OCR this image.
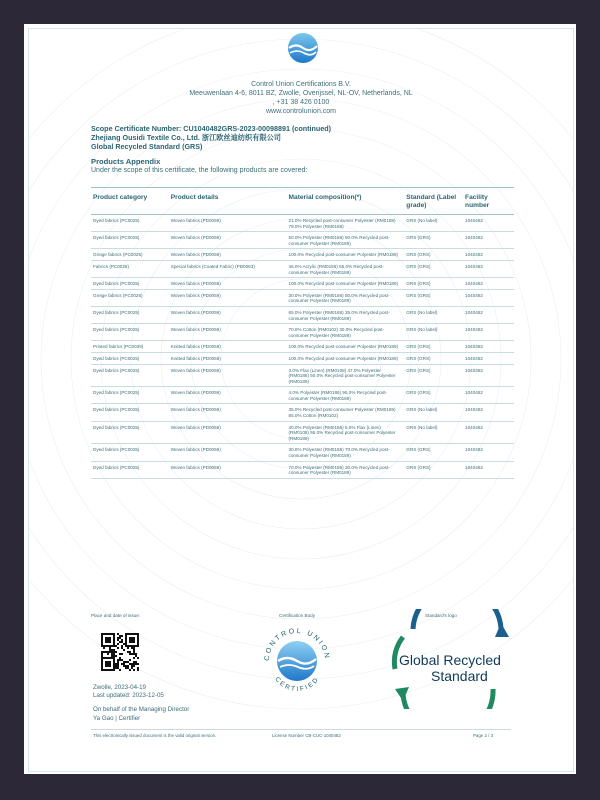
Control Union Certifications B.V.
Meeuwenlaan 4-6, 8011 BZ, Zwolle, Overijssel, NL-OV, Netherlands, NL
, +31 38 426 0100
www.controlunion.com
Scope Certificate Number: CU1040482GRS-2023-00098891 (continued)
Zhejiang Ousidi Textile Co., Ltd. 浙江欧丝迪纺织有限公司
Global Recycled Standard (GRS)
Products Appendix
Under the scope of this certificate, the following products are covered:
Product category	Product details	Material composition(*)	Standard (Label grade)	Facility number
Dyed fabrics (PC0025)	Woven fabrics (PD0059)	21.0% Recycled post-consumer Polyester (RM0189) 79.0% Polyester (RM0186)	GRS (No label)	1040482
Dyed fabrics (PC0025)	Woven fabrics (PD0059)	50.0% Polyester (RM0186) 50.0% Recycled post-consumer Polyester (RM0189)	GRS (GRS)	1040482
Greige fabrics (PC0026)	Woven fabrics (PD0059)	100.0% Recycled post-consumer Polyester (RM0189)	GRS (GRS)	1040482
Fabrics (PC0028)	Special fabrics (Coated Fabric) (PD0063)	45.0% Acrylic (RM0156) 55.0% Recycled post-consumer Polyester (RM0189)	GRS (GRS)	1040482
Dyed fabrics (PC0025)	Woven fabrics (PD0059)	100.0% Recycled post-consumer Polyester (RM0189)	GRS (GRS)	1040482
Greige fabrics (PC0026)	Woven fabrics (PD0059)	30.0% Polyester (RM0186) 50.0% Recycled post-consumer Polyester (RM0189)	GRS (GRS)	1040482
Dyed fabrics (PC0025)	Woven fabrics (PD0059)	65.0% Polyester (RM0186) 35.0% Recycled post-consumer Polyester (RM0189)	GRS (No label)	1040482
Dyed fabrics (PC0025)	Woven fabrics (PD0059)	70.0% Cotton (RM0102) 30.0% Recycled post-consumer Polyester (RM0189)	GRS (No label)	1040482
Printed fabrics (PC0039)	Knitted fabrics (PD0058)	100.0% Recycled post-consumer Polyester (RM0189)	GRS (GRS)	1040482
Dyed fabrics (PC0025)	Knitted fabrics (PD0058)	100.0% Recycled post-consumer Polyester (RM0189)	GRS (GRS)	1040482
Dyed fabrics (PC0025)	Woven fabrics (PD0059)	3.0% Flax (Linen) (RM0108) 47.0% Polyester (RM0186) 50.0% Recycled post-consumer Polyester (RM0189)	GRS (GRS)	1040482
Dyed fabrics (PC0025)	Woven fabrics (PD0059)	4.0% Polyester (RM0186) 96.0% Recycled post-consumer Polyester (RM0189)	GRS (GRS)	1040482
Dyed fabrics (PC0025)	Woven fabrics (PD0059)	35.0% Recycled post-consumer Polyester (RM0189) 65.0% Cotton (RM0102)	GRS (No label)	1040482
Dyed fabrics (PC0025)	Woven fabrics (PD0059)	40.0% Polyester (RM0186) 5.0% Flax (Linen) (RM0108) 55.0% Recycled post-consumer Polyester (RM0189)	GRS (No label)	1040482
Dyed fabrics (PC0025)	Woven fabrics (PD0059)	30.0% Polyester (RM0186) 70.0% Recycled post-consumer Polyester (RM0189)	GRS (GRS)	1040482
Dyed fabrics (PC0025)	Woven fabrics (PD0059)	70.0% Polyester (RM0186) 30.0% Recycled post-consumer Polyester (RM0189)	GRS (GRS)	1040482
Place and date of issue:	Certification Body	Standard's logo
Zwolle, 2023-04-19
Last updated: 2023-12-05
On behalf of the Managing Director
Ya Gao | Certifier
CONTROL UNION
CERTIFIED
Global Recycled
Standard
This electronically issued document is the valid original version.	License Number CB-CUC-1040482	Page 2 / 3
